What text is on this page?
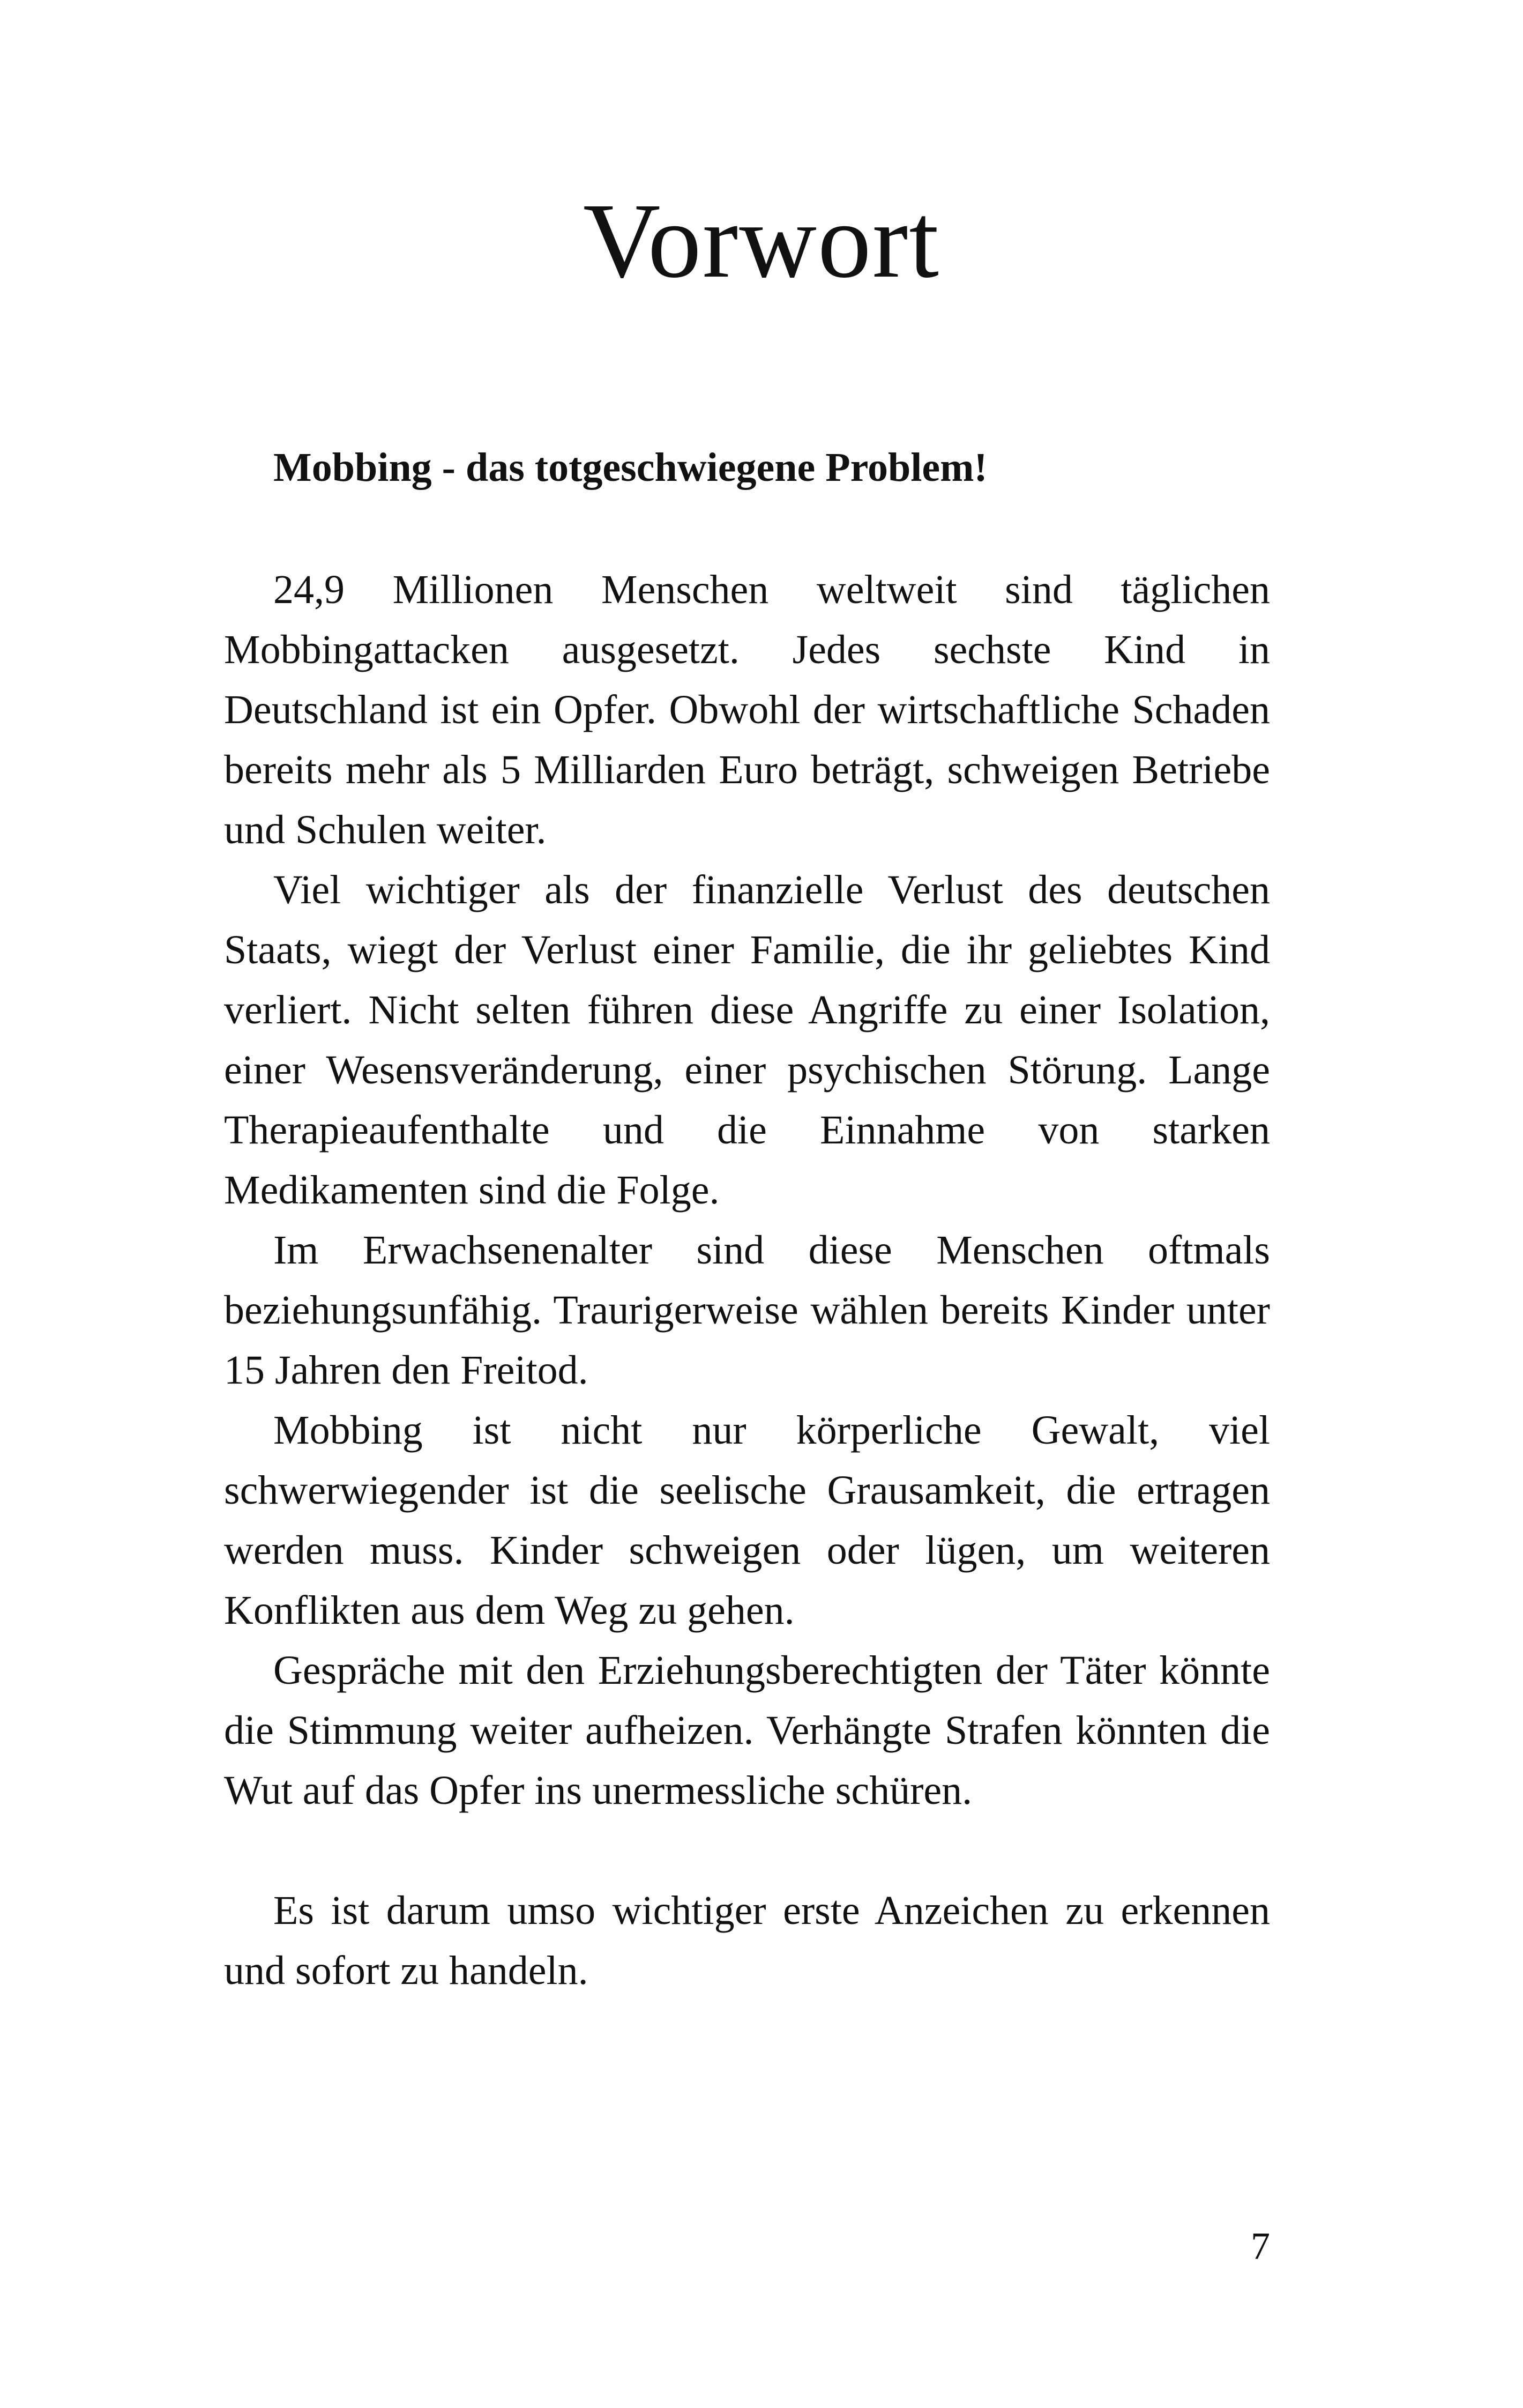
Vorwort

Mobbing - das totgeschwiegene Problem!

24,9 Millionen Menschen weltweit sind täglichen Mobbingattacken ausgesetzt. Jedes sechste Kind in Deutschland ist ein Opfer. Obwohl der wirtschaftliche Schaden bereits mehr als 5 Milliarden Euro beträgt, schweigen Betriebe und Schulen weiter.

Viel wichtiger als der finanzielle Verlust des deutschen Staats, wiegt der Verlust einer Familie, die ihr geliebtes Kind verliert. Nicht selten führen diese Angriffe zu einer Isolation, einer Wesensveränderung, einer psychischen Störung. Lange Therapieaufenthalte und die Einnahme von starken Medikamenten sind die Folge.

Im Erwachsenenalter sind diese Menschen oftmals beziehungsunfähig. Traurigerweise wählen bereits Kinder unter 15 Jahren den Freitod.

Mobbing ist nicht nur körperliche Gewalt, viel schwerwiegender ist die seelische Grausamkeit, die ertragen werden muss. Kinder schweigen oder lügen, um weiteren Konflikten aus dem Weg zu gehen.

Gespräche mit den Erziehungsberechtigten der Täter könnte die Stimmung weiter aufheizen. Verhängte Strafen könnten die Wut auf das Opfer ins unermessliche schüren.

Es ist darum umso wichtiger erste Anzeichen zu erkennen und sofort zu handeln.

7
